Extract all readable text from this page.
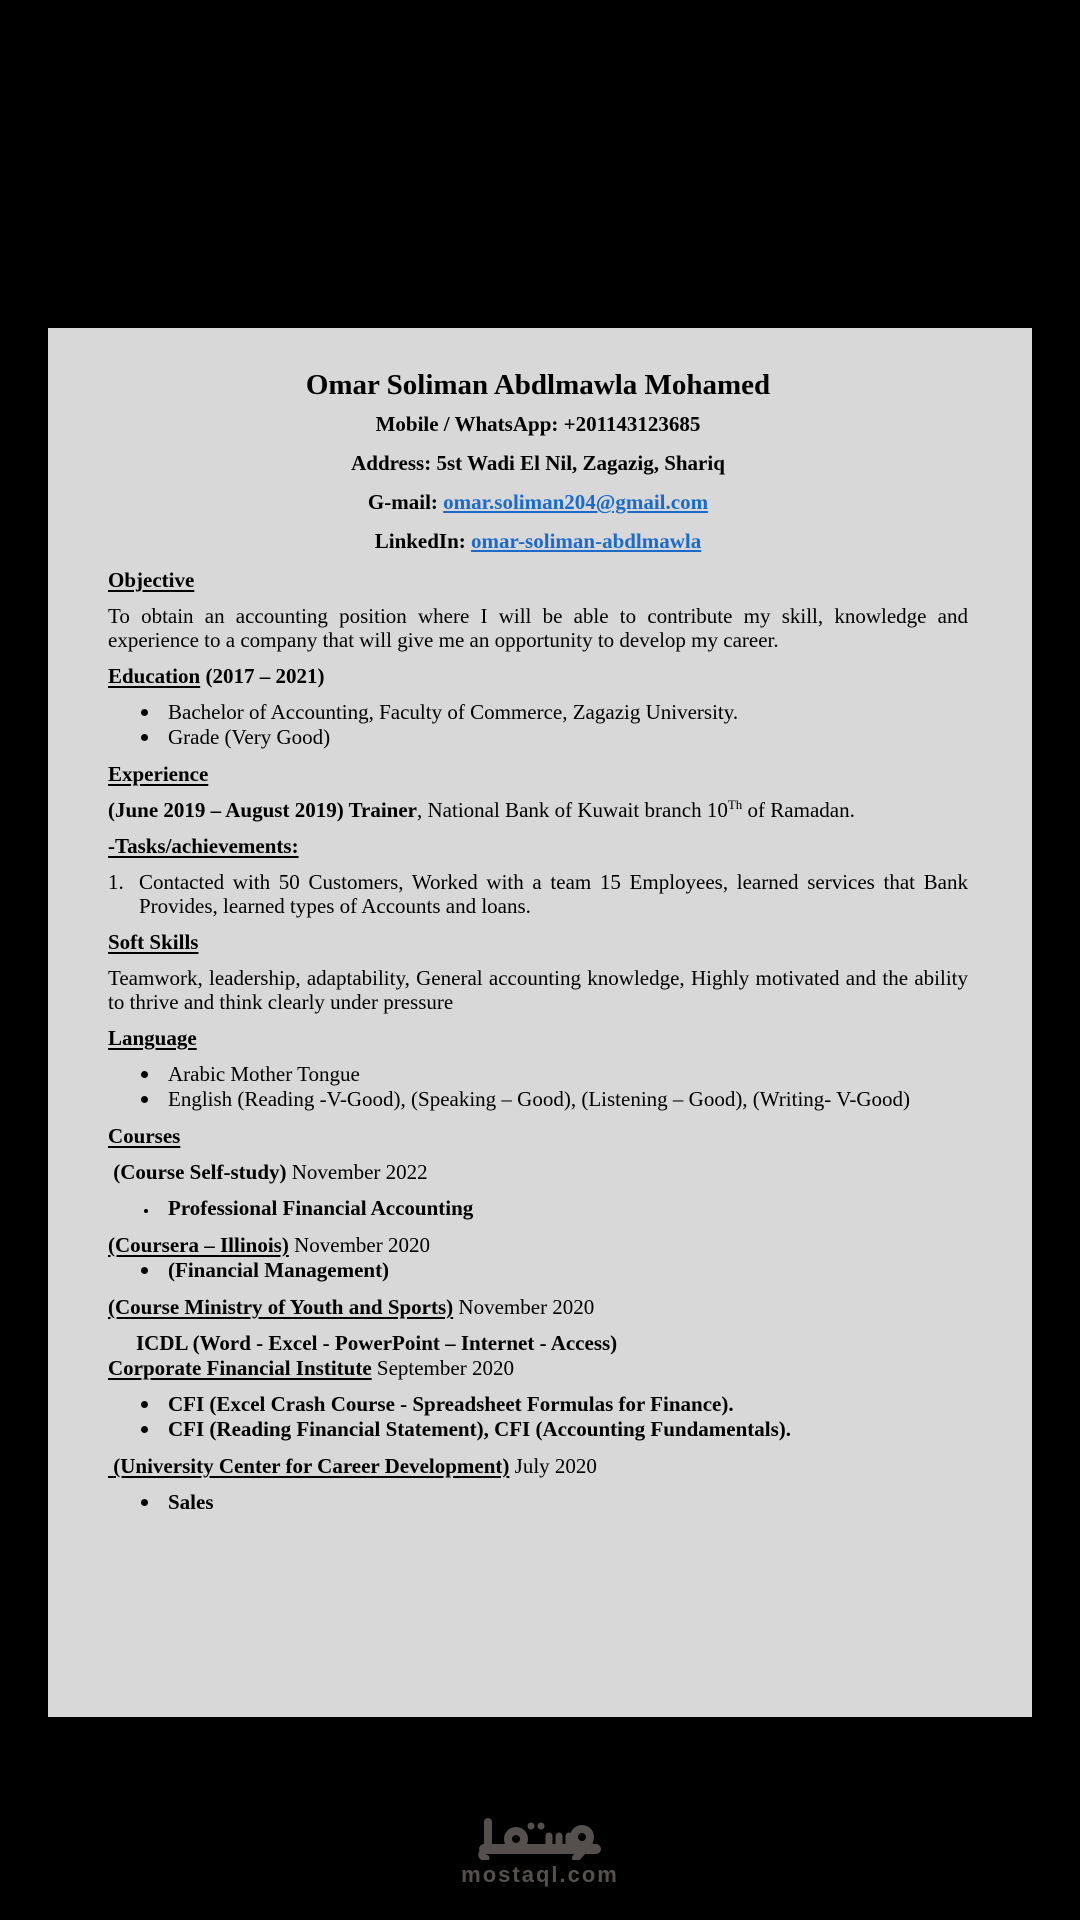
Omar Soliman Abdlmawla Mohamed

Mobile / WhatsApp: +201143123685

Address: 5st Wadi El Nil, Zagazig, Shariq

G-mail: omar.soliman204@gmail.com

LinkedIn: omar-soliman-abdlmawla

Objective

To obtain an accounting position where I will be able to contribute my skill, knowledge and experience to a company that will give me an opportunity to develop my career.

Education (2017 – 2021)

Bachelor of Accounting, Faculty of Commerce, Zagazig University.
Grade (Very Good)

Experience

(June 2019 – August 2019) Trainer, National Bank of Kuwait branch 10Th of Ramadan.

-Tasks/achievements:

1. Contacted with 50 Customers, Worked with a team 15 Employees, learned services that Bank Provides, learned types of Accounts and loans.

Soft Skills

Teamwork, leadership, adaptability, General accounting knowledge, Highly motivated and the ability to thrive and think clearly under pressure

Language

Arabic Mother Tongue
English (Reading -V-Good), (Speaking – Good), (Listening – Good), (Writing- V-Good)

Courses

(Course Self-study) November 2022

Professional Financial Accounting

(Coursera – Illinois) November 2020

(Financial Management)

(Course Ministry of Youth and Sports) November 2020

ICDL (Word - Excel - PowerPoint – Internet - Access)

Corporate Financial Institute September 2020

CFI (Excel Crash Course - Spreadsheet Formulas for Finance).
CFI (Reading Financial Statement), CFI (Accounting Fundamentals).

(University Center for Career Development) July 2020

Sales
mostaql.com
